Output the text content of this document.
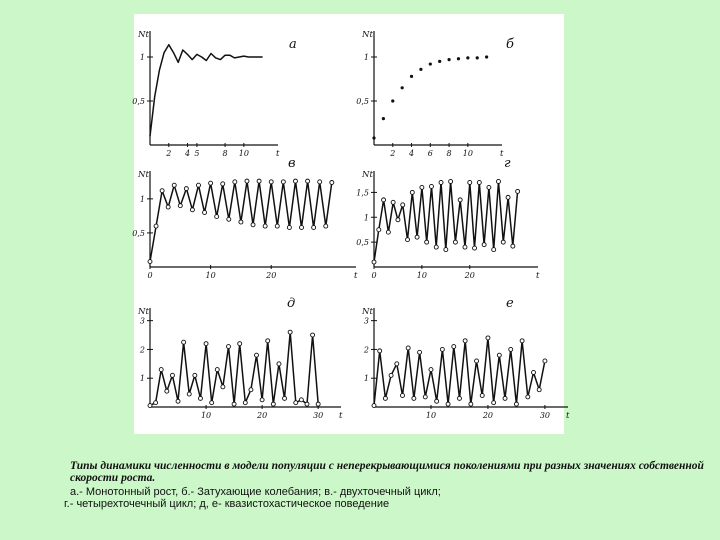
0,5
1
2 4 5	8 10
Nt
t
а
0,5
1
2 4 6 8 10
Nt
t
б
0,5
1
0	10	20
Nt
t
в
0,5
1
1,5
0	10	20
Nt
t
г
1
2
3
10	20	30
Nt
t
д
1
2
3
10	20	30
Nt
t
е
Типы динамики численности в модели популяции с неперекрывающимися поколениями при разных значениях собственной скорости роста.
а.- Монотонный рост, б.- Затухающие колебания; в.- двухточечный цикл;
г.- четырехточечный цикл; д, е- квазистохастическое поведение
